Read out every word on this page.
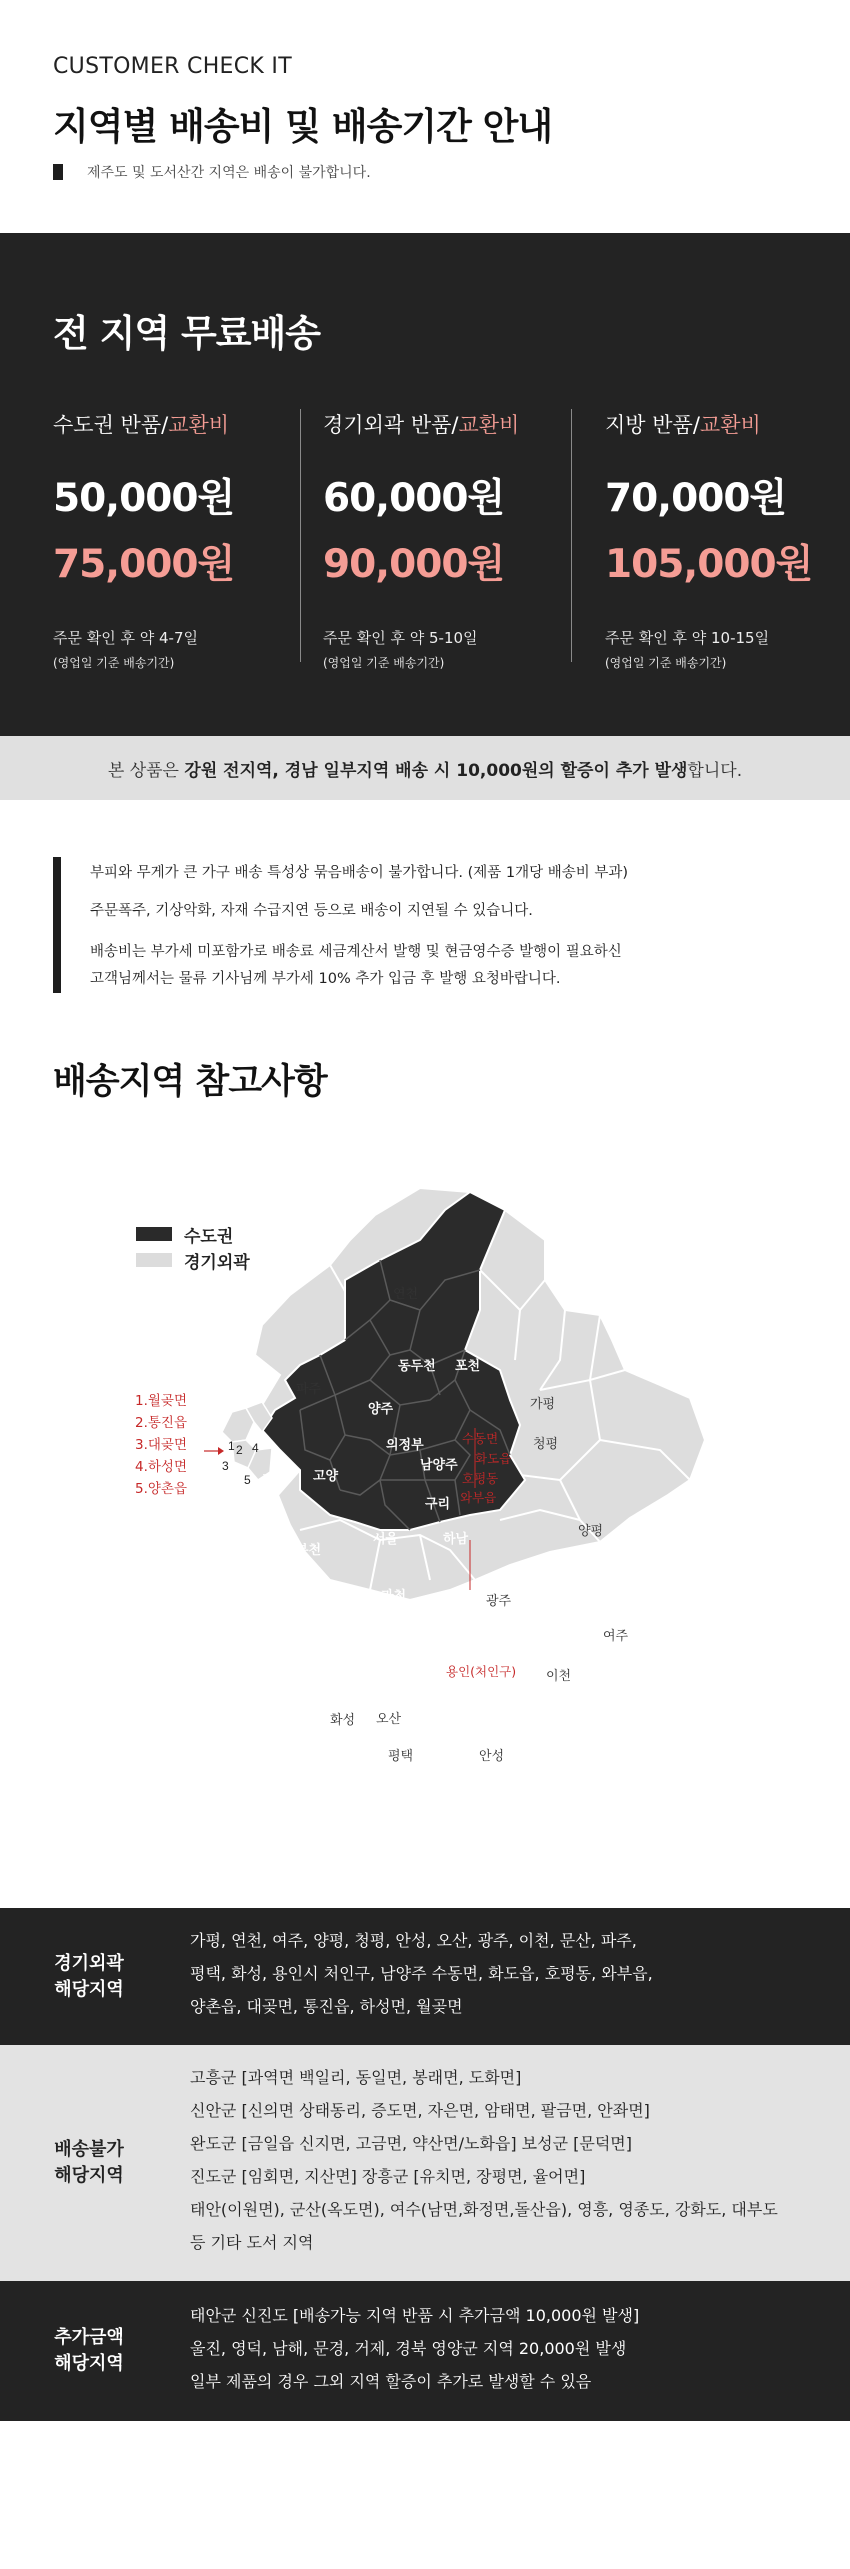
CUSTOMER CHECK IT
지역별 배송비 및 배송기간 안내
제주도 및 도서산간 지역은 배송이 불가합니다.
전 지역 무료배송
수도권 반품/교환비
50,000원
75,000원
주문 확인 후 약 4-7일
(영업일 기준 배송기간)
경기외곽 반품/교환비
60,000원
90,000원
주문 확인 후 약 5-10일
(영업일 기준 배송기간)
지방 반품/교환비
70,000원
105,000원
주문 확인 후 약 10-15일
(영업일 기준 배송기간)
본 상품은
강원 전지역, 경남 일부지역 배송 시 10,000원의 할증이 추가 발생 합니다.
부피와 무게가 큰 가구 배송 특성상 묶음배송이 불가합니다. (제품 1개당 배송비 부과)
주문폭주, 기상악화, 자재 수급지연 등으로 배송이 지연될 수 있습니다.
배송비는 부가세 미포함가로 배송료 세금계산서 발행 및 현금영수증 발행이 필요하신
고객님께서는 물류 기사님께 부가세 10% 추가 입금 후 발행 요청바랍니다.
배송지역 참고사항
수도권
경기외곽
1.월곶면
2.통진읍
3.대곶면
4.하성면
5.양촌읍
1 2 4
3
5
동두천 포천
양주
의정부
남양주
김포 고양
구리
인천
부천
서울	하남
광명
시흥
안양
과천 성남
군포 의왕
안산
수원
용인
연천
파주
가평
청평
양평
광주
여주
이천
화성 오산
평택	안성
수동면
화도읍
호평동
와부읍
용인(처인구)
경기외곽
해당지역
가평, 연천, 여주, 양평, 청평, 안성, 오산, 광주, 이천, 문산, 파주,
평택, 화성, 용인시 처인구, 남양주 수동면, 화도읍, 호평동, 와부읍,
양촌읍, 대곶면, 통진읍, 하성면, 월곶면
배송불가
해당지역
고흥군 [과역면 백일리, 동일면, 봉래면, 도화면]
신안군 [신의면 상태동리, 증도면, 자은면, 암태면, 팔금면, 안좌면]
완도군 [금일읍 신지면, 고금면, 약산면/노화읍] 보성군 [문덕면]
진도군 [임회면, 지산면] 장흥군 [유치면, 장평면, 율어면]
태안(이원면), 군산(옥도면), 여수(남면,화정면,돌산읍), 영흥, 영종도, 강화도, 대부도
등 기타 도서 지역
추가금액
해당지역
태안군 신진도 [배송가능 지역 반품 시 추가금액 10,000원 발생]
울진, 영덕, 남해, 문경, 거제, 경북 영양군 지역 20,000원 발생
일부 제품의 경우 그외 지역 할증이 추가로 발생할 수 있음
